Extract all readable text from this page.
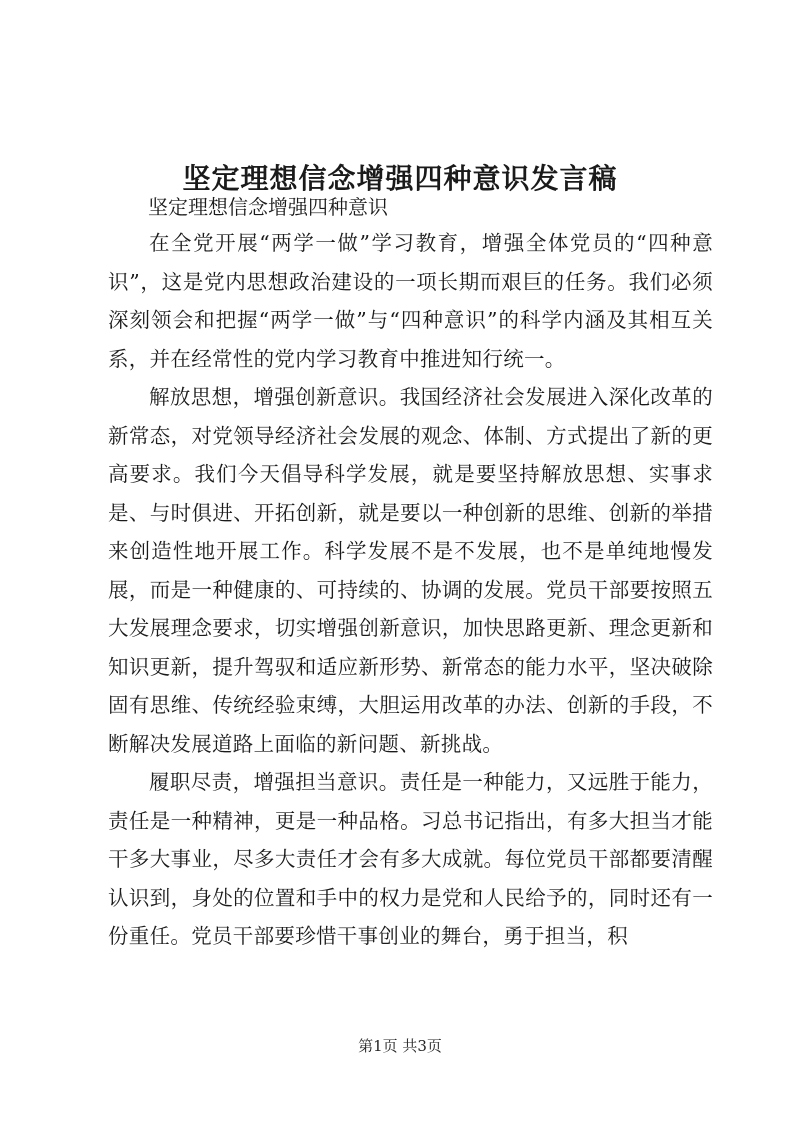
坚定理想信念增强四种意识发言稿

坚定理想信念增强四种意识

在全党开展“两学一做”学习教育，增强全体党员的“四种意识”，这是党内思想政治建设的一项长期而艰巨的任务。我们必须深刻领会和把握“两学一做”与“四种意识”的科学内涵及其相互关系，并在经常性的党内学习教育中推进知行统一。

解放思想，增强创新意识。我国经济社会发展进入深化改革的新常态，对党领导经济社会发展的观念、体制、方式提出了新的更高要求。我们今天倡导科学发展，就是要坚持解放思想、实事求是、与时俱进、开拓创新，就是要以一种创新的思维、创新的举措来创造性地开展工作。科学发展不是不发展，也不是单纯地慢发展，而是一种健康的、可持续的、协调的发展。党员干部要按照五大发展理念要求，切实增强创新意识，加快思路更新、理念更新和知识更新，提升驾驭和适应新形势、新常态的能力水平，坚决破除固有思维、传统经验束缚，大胆运用改革的办法、创新的手段，不断解决发展道路上面临的新问题、新挑战。

履职尽责，增强担当意识。责任是一种能力，又远胜于能力，责任是一种精神，更是一种品格。习总书记指出，有多大担当才能干多大事业，尽多大责任才会有多大成就。每位党员干部都要清醒认识到，身处的位置和手中的权力是党和人民给予的，同时还有一份重任。党员干部要珍惜干事创业的舞台，勇于担当，积

第1页 共3页
